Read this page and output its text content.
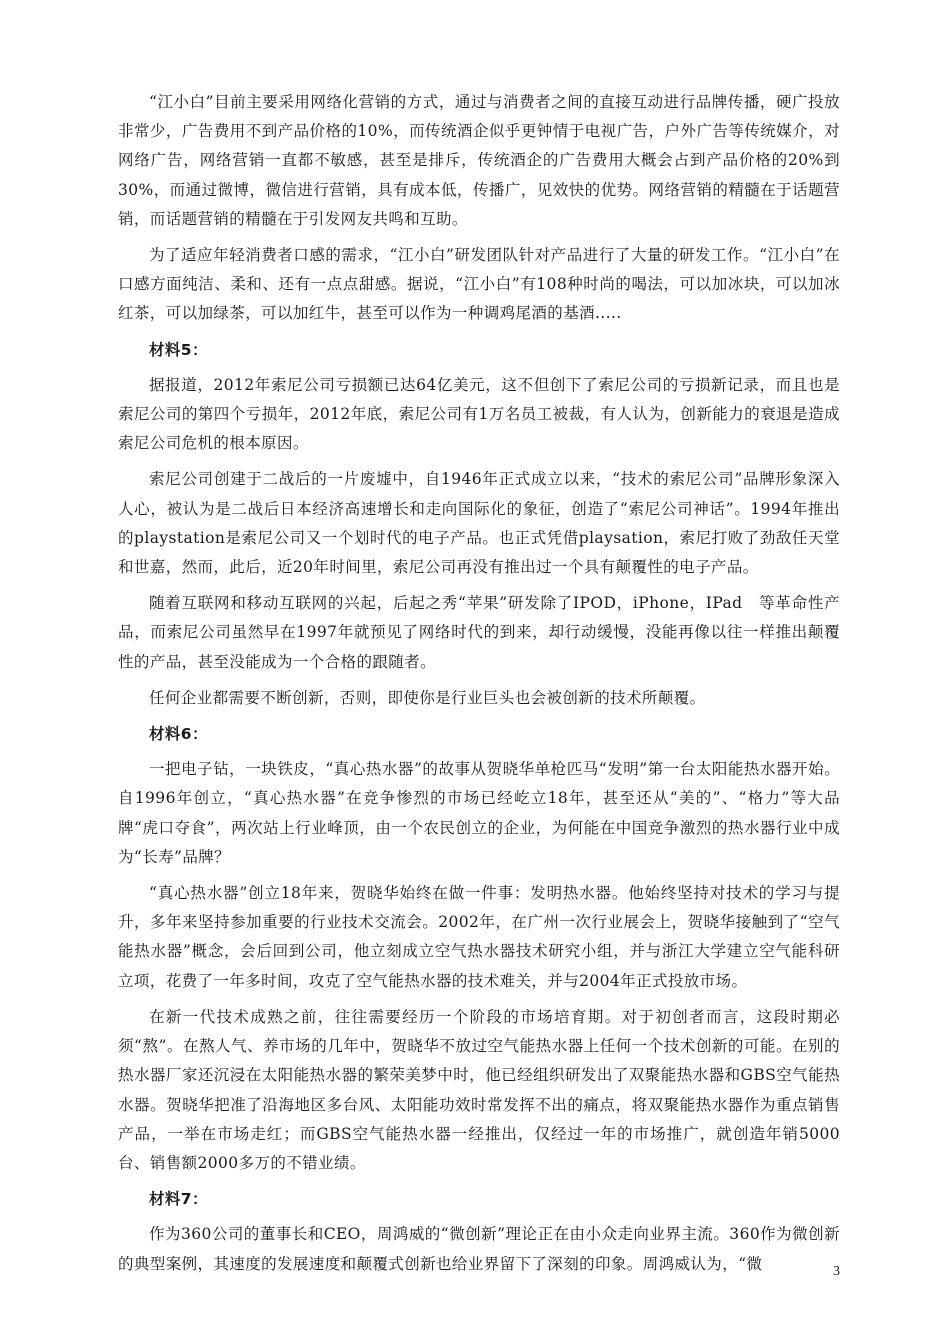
“江小白”目前主要采用网络化营销的方式，通过与消费者之间的直接互动进行品牌传播，硬广投放非常少，广告费用不到产品价格的10%，而传统酒企似乎更钟情于电视广告，户外广告等传统媒介，对网络广告，网络营销一直都不敏感，甚至是排斥，传统酒企的广告费用大概会占到产品价格的20%到30%，而通过微博，微信进行营销，具有成本低，传播广，见效快的优势。网络营销的精髓在于话题营销，而话题营销的精髓在于引发网友共鸣和互助。

为了适应年轻消费者口感的需求，“江小白”研发团队针对产品进行了大量的研发工作。“江小白”在口感方面纯洁、柔和、还有一点点甜感。据说，“江小白”有108种时尚的喝法，可以加冰块，可以加冰红茶，可以加绿茶，可以加红牛，甚至可以作为一种调鸡尾酒的基酒.....

材料5：

据报道，2012年索尼公司亏损额已达64亿美元，这不但创下了索尼公司的亏损新记录，而且也是索尼公司的第四个亏损年，2012年底，索尼公司有1万名员工被裁，有人认为，创新能力的衰退是造成索尼公司危机的根本原因。

索尼公司创建于二战后的一片废墟中，自1946年正式成立以来，“技术的索尼公司”品牌形象深入人心，被认为是二战后日本经济高速增长和走向国际化的象征，创造了“索尼公司神话”。1994年推出的playstation是索尼公司又一个划时代的电子产品。也正式凭借playsation，索尼打败了劲敌任天堂和世嘉，然而，此后，近20年时间里，索尼公司再没有推出过一个具有颠覆性的电子产品。

随着互联网和移动互联网的兴起，后起之秀“苹果”研发除了IPOD，iPhone，IPad　等革命性产品，而索尼公司虽然早在1997年就预见了网络时代的到来，却行动缓慢，没能再像以往一样推出颠覆性的产品，甚至没能成为一个合格的跟随者。

任何企业都需要不断创新，否则，即使你是行业巨头也会被创新的技术所颠覆。

材料6：

一把电子钻，一块铁皮，“真心热水器”的故事从贺晓华单枪匹马“发明”第一台太阳能热水器开始。自1996年创立，“真心热水器”在竞争惨烈的市场已经屹立18年，甚至还从“美的”、“格力”等大品牌“虎口夺食”，两次站上行业峰顶，由一个农民创立的企业，为何能在中国竞争激烈的热水器行业中成为“长寿”品牌？

“真心热水器”创立18年来，贺晓华始终在做一件事：发明热水器。他始终坚持对技术的学习与提升，多年来坚持参加重要的行业技术交流会。2002年，在广州一次行业展会上，贺晓华接触到了“空气能热水器”概念，会后回到公司，他立刻成立空气热水器技术研究小组，并与浙江大学建立空气能科研立项，花费了一年多时间，攻克了空气能热水器的技术难关，并与2004年正式投放市场。

在新一代技术成熟之前，往往需要经历一个阶段的市场培育期。对于初创者而言，这段时期必须“熬”。在熬人气、养市场的几年中，贺晓华不放过空气能热水器上任何一个技术创新的可能。在别的热水器厂家还沉浸在太阳能热水器的繁荣美梦中时，他已经组织研发出了双聚能热水器和GBS空气能热水器。贺晓华把准了沿海地区多台风、太阳能功效时常发挥不出的痛点，将双聚能热水器作为重点销售产品，一举在市场走红；而GBS空气能热水器一经推出，仅经过一年的市场推广，就创造年销5000台、销售额2000多万的不错业绩。

材料7：

作为360公司的董事长和CEO，周鸿威的“微创新”理论正在由小众走向业界主流。360作为微创新的典型案例，其速度的发展速度和颠覆式创新也给业界留下了深刻的印象。周鸿威认为，“微	3
